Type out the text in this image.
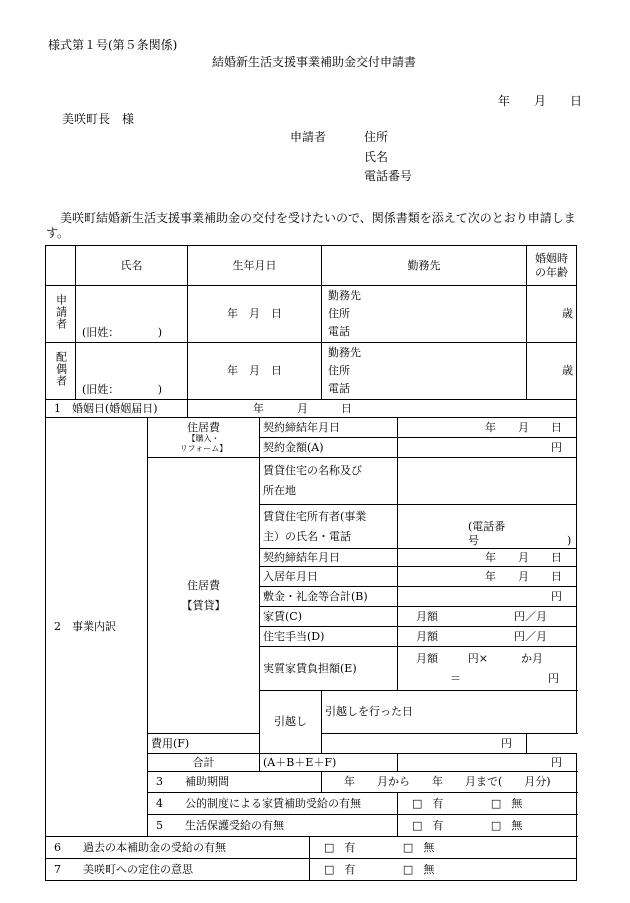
様式第１号(第５条関係)
結婚新生活支援事業補助金交付申請書
年　　月　　日
美咲町長　様
申請者	住所
氏名
電話番号
美咲町結婚新生活支援事業補助金の交付を受けたいので、関係書類を添えて次のとおり申請します。
	氏名		生年月日			勤務先		婚姻時
の年齢	
申請者	(旧姓：　　　　)		年　月　日			勤務先
住所
電話		歳	
配偶者	(旧姓：　　　　)		年　月　日			勤務先
住所
電話		歳	
1　婚姻日(婚姻届日)			年　　　月　　　日						
2　事業内訳		住居費
【購入・
リフォーム】		契約締結年月日			年　　月　　日		
				契約金額(A)			円		
		住居費
【賃貸】		賃貸住宅の名称及び
所在地					
				賃貸住宅所有者(事業
主）の氏名・電話			(電話番号　　　　　　　　)		
				契約締結年月日			年　　月　　日		
				入居年月日			年　　月　　日		
				敷金・礼金等合計(B)			円		
				家賃(C)			月額 円／月		

				住宅手当(D)			月額 円／月		

				実質家賃負担額(E)			月額 円×　　　か月
＝ 円		

				引越し		引越しを行った日	
		費用(F)				円			
		合計		(A＋B＋E＋F)			円		
		3　　補助期間				年　　月から　　年　　月まで(　　月分)			
		4　　公的制度による家賃補助受給の有無					□ 有 □ 無		
		5　　生活保護受給の有無					□ 有 □ 無		
6　　過去の本補助金の受給の有無					□ 有 □ 無				
7　　美咲町への定住の意思					□ 有 □ 無				
